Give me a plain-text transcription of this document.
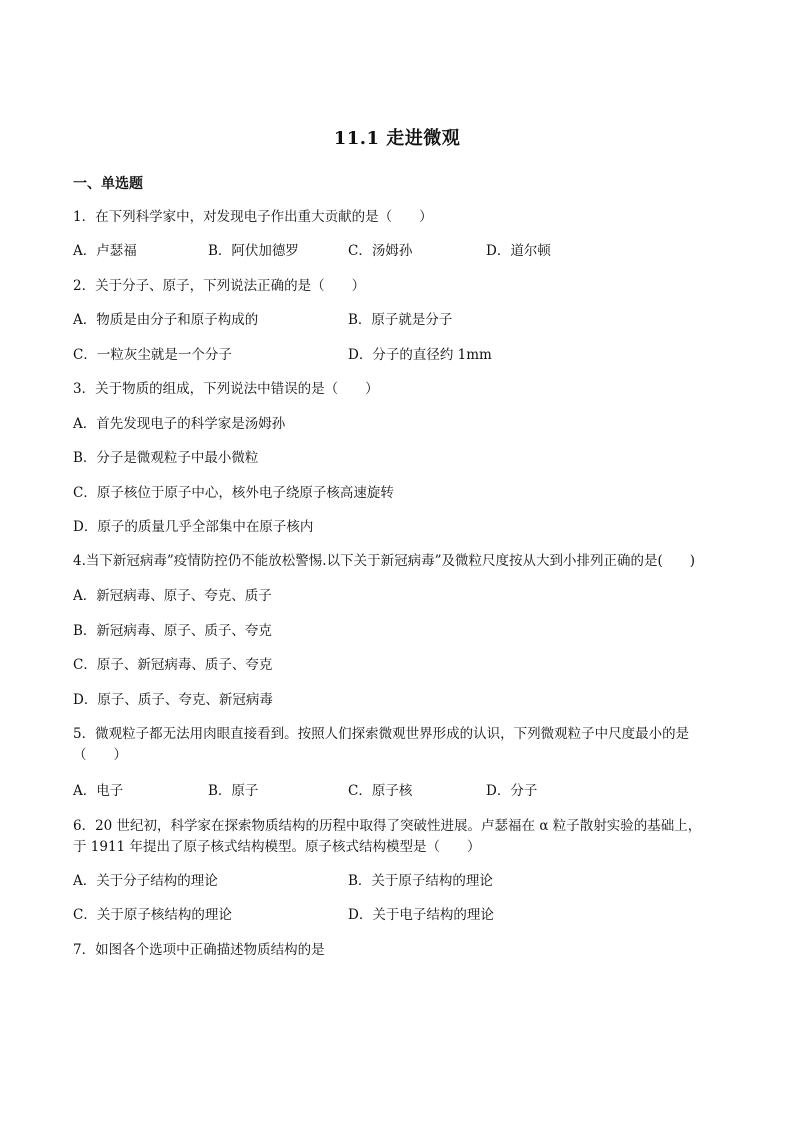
11.1 走进微观
一、单选题
1．在下列科学家中，对发现电子作出重大贡献的是（　　）
A．卢瑟福	B．阿伏加德罗	C．汤姆孙	D．道尔顿
2．关于分子、原子，下列说法正确的是（　　）
A．物质是由分子和原子构成的	B．原子就是分子
C．一粒灰尘就是一个分子	D．分子的直径约 1mm
3．关于物质的组成，下列说法中错误的是（　　）
A．首先发现电子的科学家是汤姆孙
B．分子是微观粒子中最小微粒
C．原子核位于原子中心，核外电子绕原子核高速旋转
D．原子的质量几乎全部集中在原子核内
4.当下新冠病毒”疫情防控仍不能放松警惕.以下关于新冠病毒”及微粒尺度按从大到小排列正确的是(　　)
A．新冠病毒、原子、夸克、质子
B．新冠病毒、原子、质子、夸克
C．原子、新冠病毒、质子、夸克
D．原子、质子、夸克、新冠病毒
5．微观粒子都无法用肉眼直接看到。按照人们探索微观世界形成的认识，下列微观粒子中尺度最小的是
（　　）
A．电子	B．原子	C．原子核	D．分子
6．20 世纪初，科学家在探索物质结构的历程中取得了突破性进展。卢瑟福在 α 粒子散射实验的基础上，
于 1911 年提出了原子核式结构模型。原子核式结构模型是（　　）
A．关于分子结构的理论	B．关于原子结构的理论
C．关于原子核结构的理论	D．关于电子结构的理论
7．如图各个选项中正确描述物质结构的是
